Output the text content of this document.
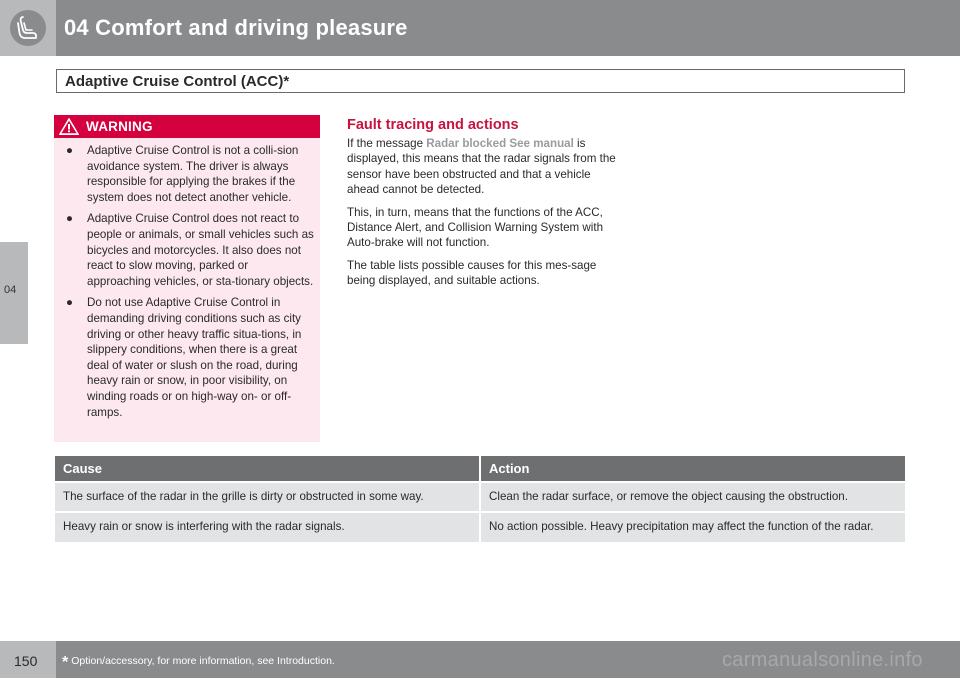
04 Comfort and driving pleasure
Adaptive Cruise Control (ACC)*
04
WARNING
● Adaptive Cruise Control is not a colli-sion avoidance system. The driver is always responsible for applying the brakes if the system does not detect another vehicle.
● Adaptive Cruise Control does not react to people or animals, or small vehicles such as bicycles and motorcycles. It also does not react to slow moving, parked or approaching vehicles, or sta-tionary objects.
● Do not use Adaptive Cruise Control in demanding driving conditions such as city driving or other heavy traffic situa-tions, in slippery conditions, when there is a great deal of water or slush on the road, during heavy rain or snow, in poor visibility, on winding roads or on high-way on- or off-ramps.
Fault tracing and actions

If the message Radar blocked See manual is displayed, this means that the radar signals from the sensor have been obstructed and that a vehicle ahead cannot be detected.

This, in turn, means that the functions of the ACC, Distance Alert, and Collision Warning System with Auto-brake will not function.

The table lists possible causes for this mes-sage being displayed, and suitable actions.

Cause	Action
The surface of the radar in the grille is dirty or obstructed in some way.	Clean the radar surface, or remove the object causing the obstruction.
Heavy rain or snow is interfering with the radar signals.	No action possible. Heavy precipitation may affect the function of the radar.
150 * Option/accessory, for more information, see Introduction.	carmanualsonline.info
